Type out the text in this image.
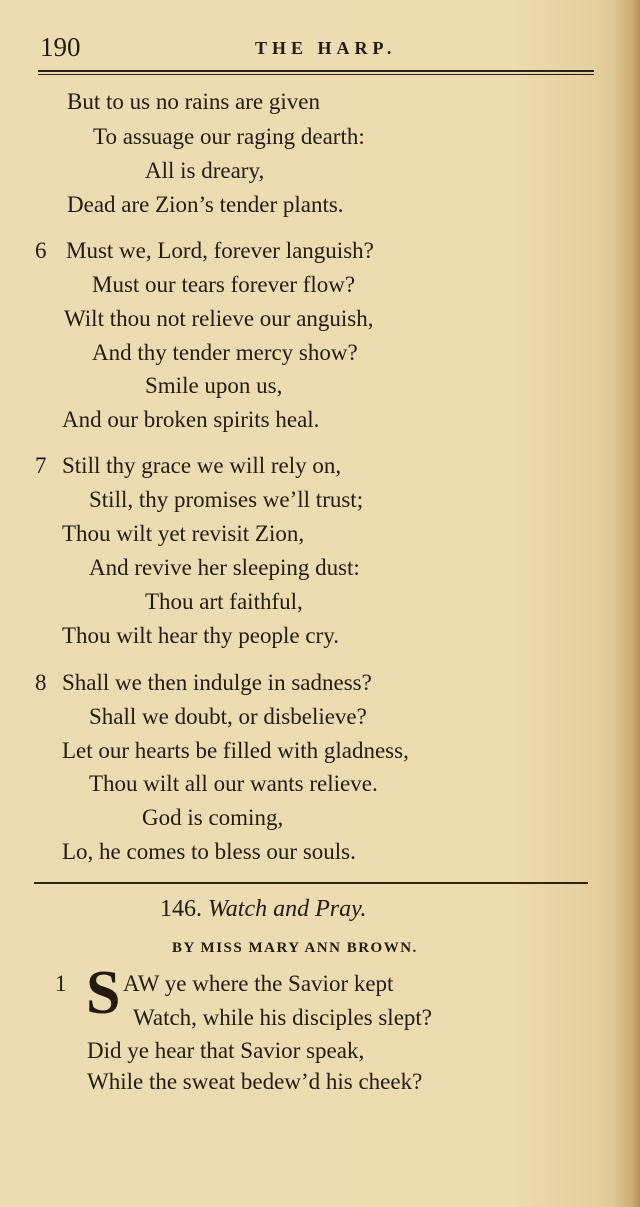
190	THE HARP.
But to us no rains are given
To assuage our raging dearth:
All is dreary,
Dead are Zion’s tender plants.
6 Must we, Lord, forever languish?
Must our tears forever flow?
Wilt thou not relieve our anguish,
And thy tender mercy show?
Smile upon us,
And our broken spirits heal.
7 Still thy grace we will rely on,
Still, thy promises we’ll trust;
Thou wilt yet revisit Zion,
And revive her sleeping dust:
Thou art faithful,
Thou wilt hear thy people cry.
8 Shall we then indulge in sadness?
Shall we doubt, or disbelieve?
Let our hearts be filled with gladness,
Thou wilt all our wants relieve.
God is coming,
Lo, he comes to bless our souls.
146. Watch and Pray.
BY MISS MARY ANN BROWN.
1 S AW ye where the Savior kept
Watch, while his disciples slept?
Did ye hear that Savior speak,
While the sweat bedew’d his cheek?
